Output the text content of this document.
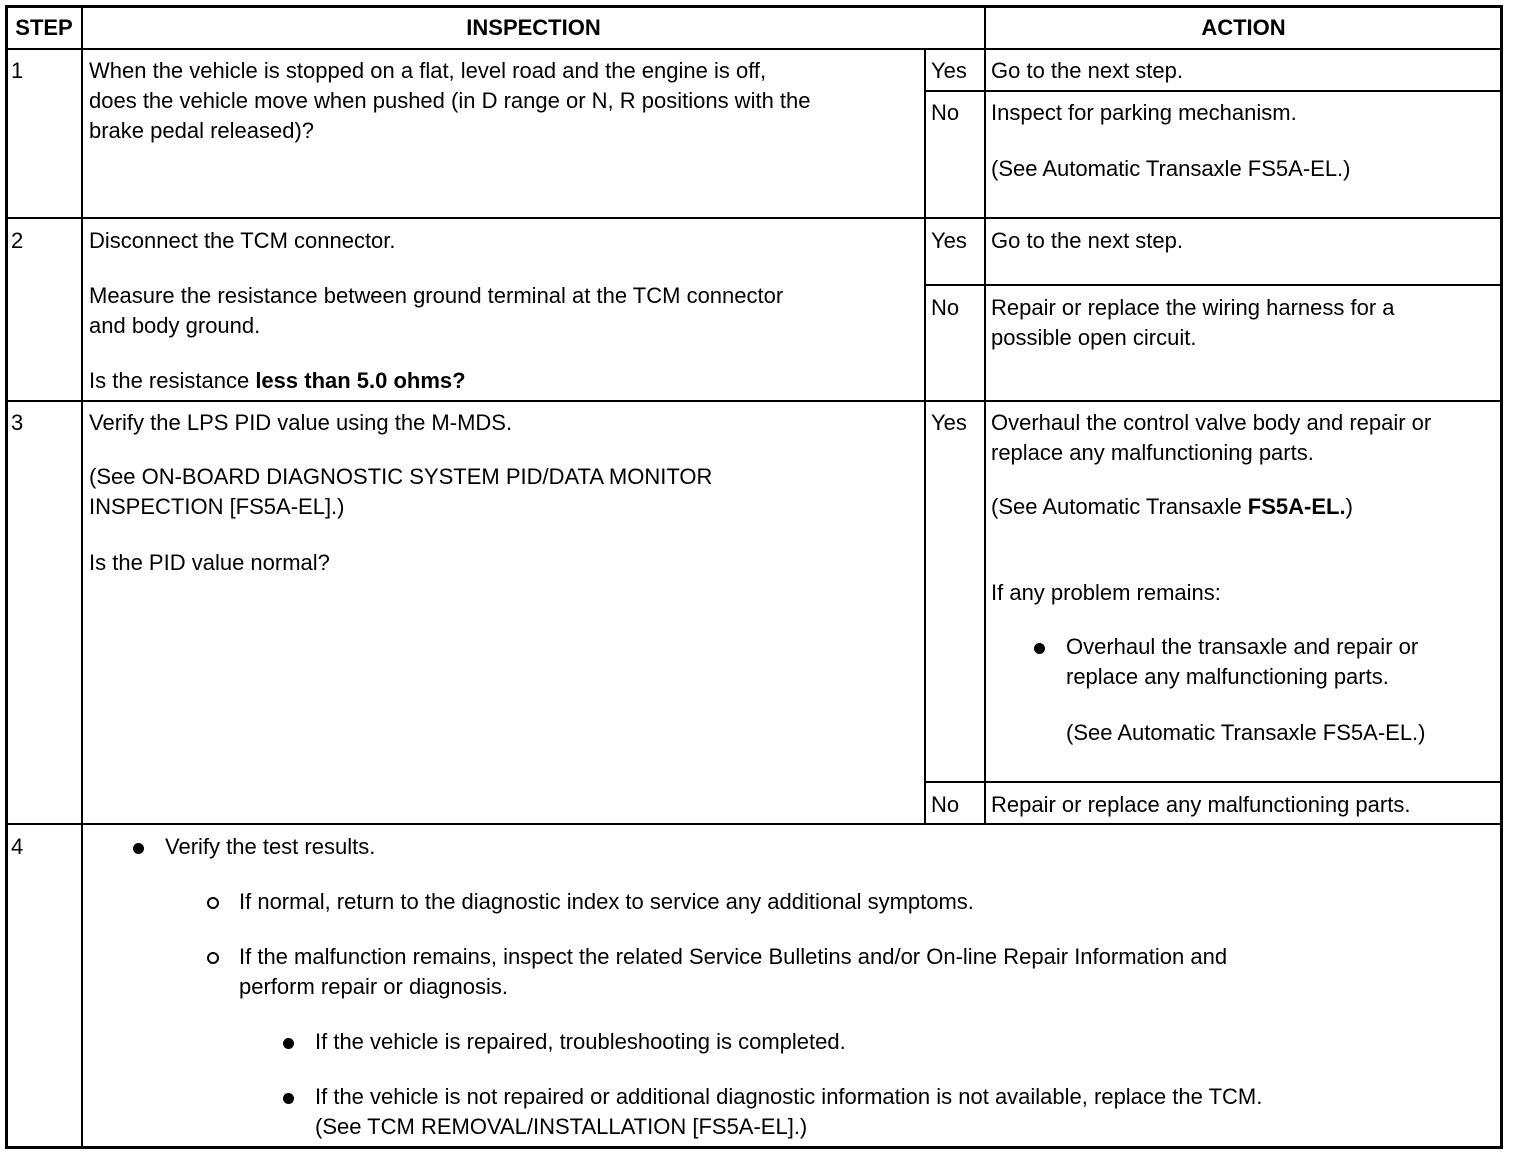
STEP	INSPECTION	ACTION
1	When the vehicle is stopped on a flat, level road and the engine is off,
does the vehicle move when pushed (in D range or N, R positions with the
brake pedal released)?
Yes Go to the next step.
No Inspect for parking mechanism.
(See Automatic Transaxle FS5A-EL.)
2	Disconnect the TCM connector.
Measure the resistance between ground terminal at the TCM connector
and body ground.
Is the resistance less than 5.0 ohms?
Yes Go to the next step.
No Repair or replace the wiring harness for a
possible open circuit.
3	Verify the LPS PID value using the M-MDS.
(See ON-BOARD DIAGNOSTIC SYSTEM PID/DATA MONITOR
INSPECTION [FS5A-EL].)
Is the PID value normal?
Yes Overhaul the control valve body and repair or
replace any malfunctioning parts.
(See Automatic Transaxle FS5A-EL.)
If any problem remains:
Overhaul the transaxle and repair or
replace any malfunctioning parts.
(See Automatic Transaxle FS5A-EL.)
No Repair or replace any malfunctioning parts.
4	Verify the test results.
If normal, return to the diagnostic index to service any additional symptoms.
If the malfunction remains, inspect the related Service Bulletins and/or On-line Repair Information and
perform repair or diagnosis.
If the vehicle is repaired, troubleshooting is completed.
If the vehicle is not repaired or additional diagnostic information is not available, replace the TCM.
(See TCM REMOVAL/INSTALLATION [FS5A-EL].)
